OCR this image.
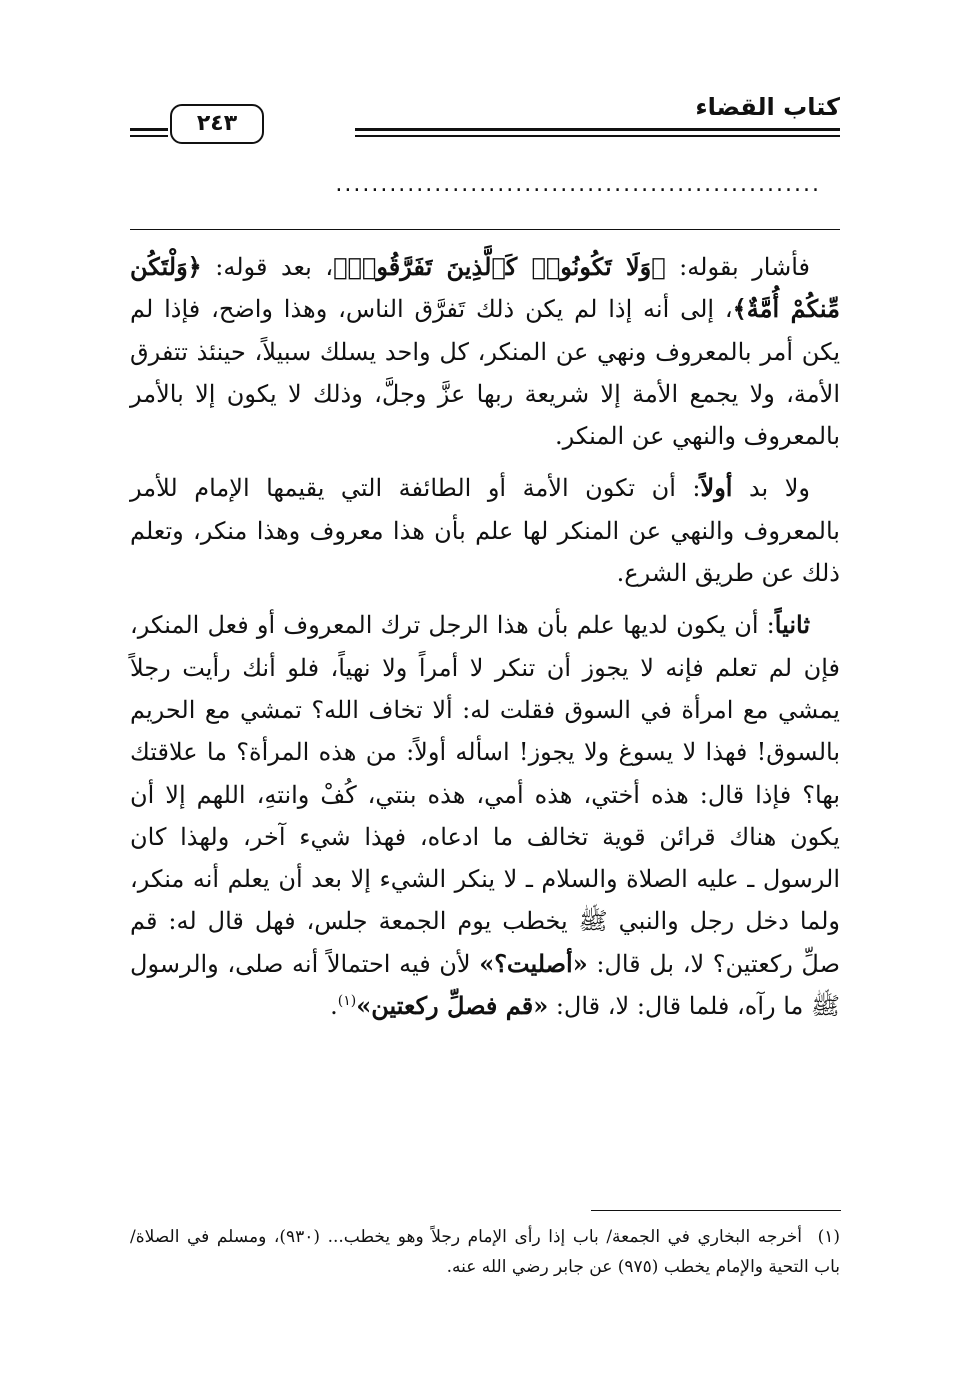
كتاب القضاء
٢٤٣
......................................................

فأشار بقوله: ﴿وَلَا تَكُونُوا۟ كَٱلَّذِينَ تَفَرَّقُوا۟﴾، بعد قوله: ﴿وَلْتَكُن مِّنكُمْ أُمَّةٌ﴾، إلى أنه إذا لم يكن ذلك تَفرَّق الناس، وهذا واضح، فإذا لم يكن أمر بالمعروف ونهي عن المنكر، كل واحد يسلك سبيلاً، حينئذ تتفرق الأمة، ولا يجمع الأمة إلا شريعة ربها عزَّ وجلَّ، وذلك لا يكون إلا بالأمر بالمعروف والنهي عن المنكر.

ولا بد أولاً: أن تكون الأمة أو الطائفة التي يقيمها الإمام للأمر بالمعروف والنهي عن المنكر لها علم بأن هذا معروف وهذا منكر، وتعلم ذلك عن طريق الشرع.

ثانياً: أن يكون لديها علم بأن هذا الرجل ترك المعروف أو فعل المنكر، فإن لم تعلم فإنه لا يجوز أن تنكر لا أمراً ولا نهياً، فلو أنك رأيت رجلاً يمشي مع امرأة في السوق فقلت له: ألا تخاف الله؟ تمشي مع الحريم بالسوق! فهذا لا يسوغ ولا يجوز! اسأله أولاً: من هذه المرأة؟ ما علاقتك بها؟ فإذا قال: هذه أختي، هذه أمي، هذه بنتي، كُفْ وانتهِ، اللهم إلا أن يكون هناك قرائن قوية تخالف ما ادعاه، فهذا شيء آخر، ولهذا كان الرسول ـ عليه الصلاة والسلام ـ لا ينكر الشيء إلا بعد أن يعلم أنه منكر، ولما دخل رجل والنبي ﷺ يخطب يوم الجمعة جلس، فهل قال له: قم صلِّ ركعتين؟ لا، بل قال: «أصليت؟» لأن فيه احتمالاً أنه صلى، والرسول ﷺ ما رآه، فلما قال: لا، قال: «قم فصلِّ ركعتين»$^{(١)}$.

(١)أخرجه البخاري في الجمعة/ باب إذا رأى الإمام رجلاً وهو يخطب... (٩٣٠)، ومسلم في الصلاة/ باب التحية والإمام يخطب (٩٧٥) عن جابر رضي الله عنه.
